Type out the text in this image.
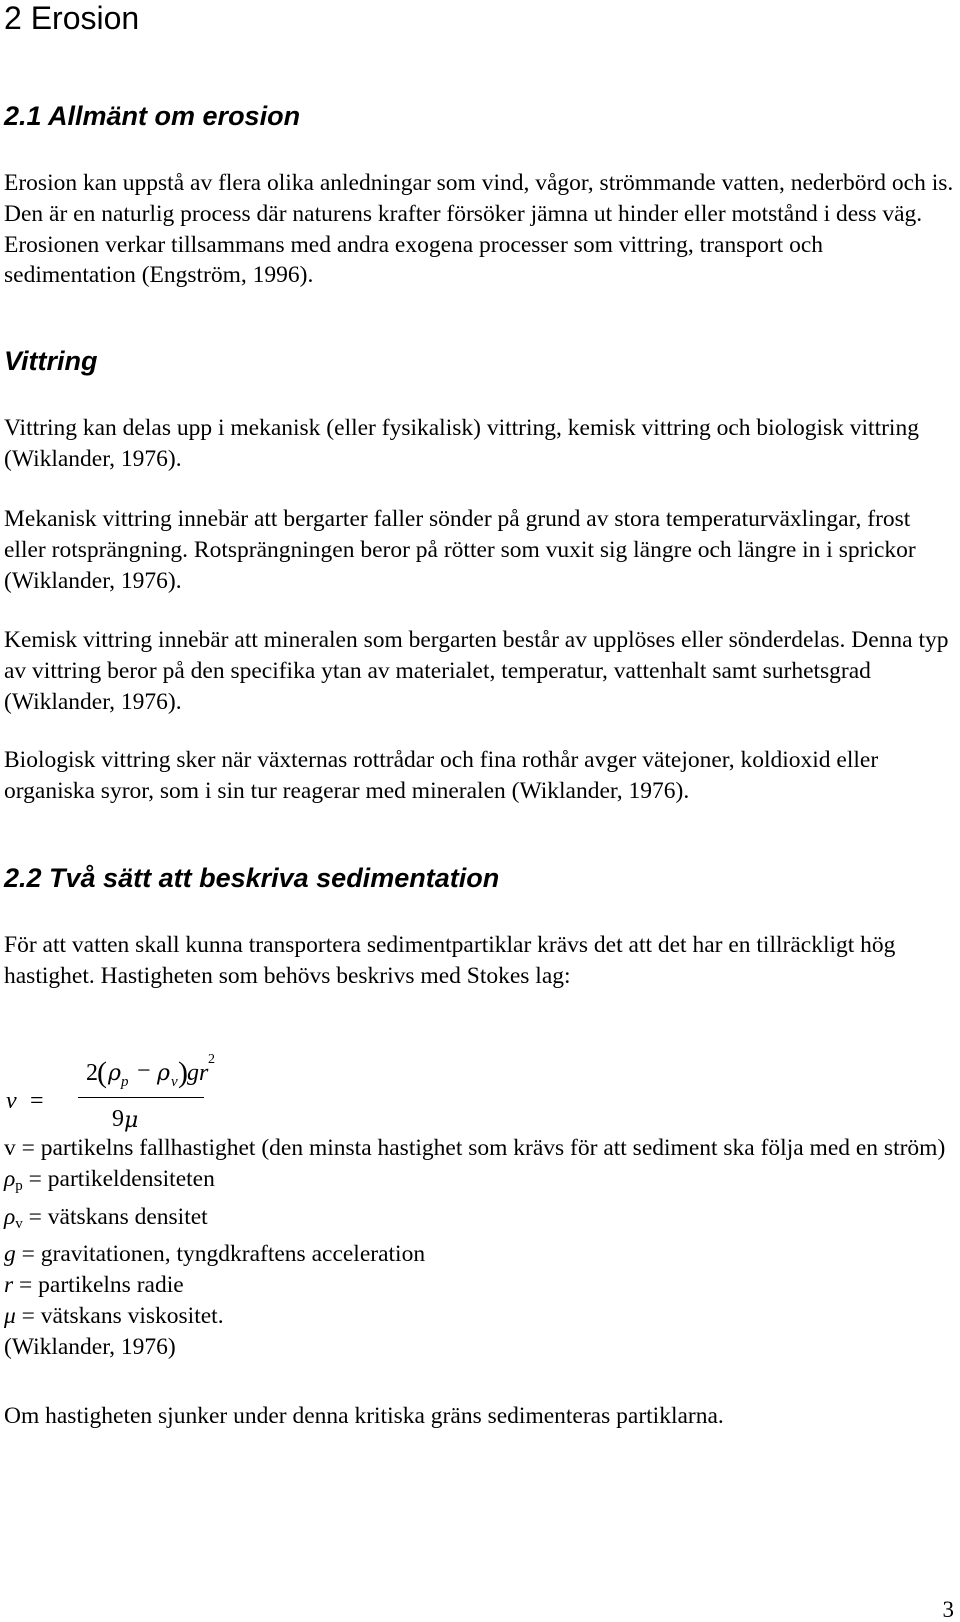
2 Erosion
2.1 Allmänt om erosion

Erosion kan uppstå av flera olika anledningar som vind, vågor, strömmande vatten, nederbörd och is. Den är en naturlig process där naturens krafter försöker jämna ut hinder eller motstånd i dess väg. Erosionen verkar tillsammans med andra exogena processer som vittring, transport och sedimentation (Engström, 1996).

Vittring

Vittring kan delas upp i mekanisk (eller fysikalisk) vittring, kemisk vittring och biologisk vittring (Wiklander, 1976).

Mekanisk vittring innebär att bergarter faller sönder på grund av stora temperaturväxlingar, frost eller rotsprängning. Rotsprängningen beror på rötter som vuxit sig längre och längre in i sprickor (Wiklander, 1976).

Kemisk vittring innebär att mineralen som bergarten består av upplöses eller sönderdelas. Denna typ av vittring beror på den specifika ytan av materialet, temperatur, vattenhalt samt surhetsgrad (Wiklander, 1976).

Biologisk vittring sker när växternas rottrådar och fina rothår avger vätejoner, koldioxid eller organiska syror, som i sin tur reagerar med mineralen (Wiklander, 1976).

2.2 Två sätt att beskriva sedimentation

För att vatten skall kunna transportera sedimentpartiklar krävs det att det har en tillräckligt hög hastighet. Hastigheten som behövs beskrivs med Stokes lag:

v =
2 ( ρ p − ρ v ) g r
2
9 μ
v = partikelns fallhastighet (den minsta hastighet som krävs för att sediment ska följa med en ström)
$\rho_p$ = partikeldensiteten
$\rho_v$ = vätskans densitet
g = gravitationen, tyngdkraftens acceleration
r = partikelns radie
μ = vätskans viskositet.
(Wiklander, 1976)

Om hastigheten sjunker under denna kritiska gräns sedimenteras partiklarna.

3
